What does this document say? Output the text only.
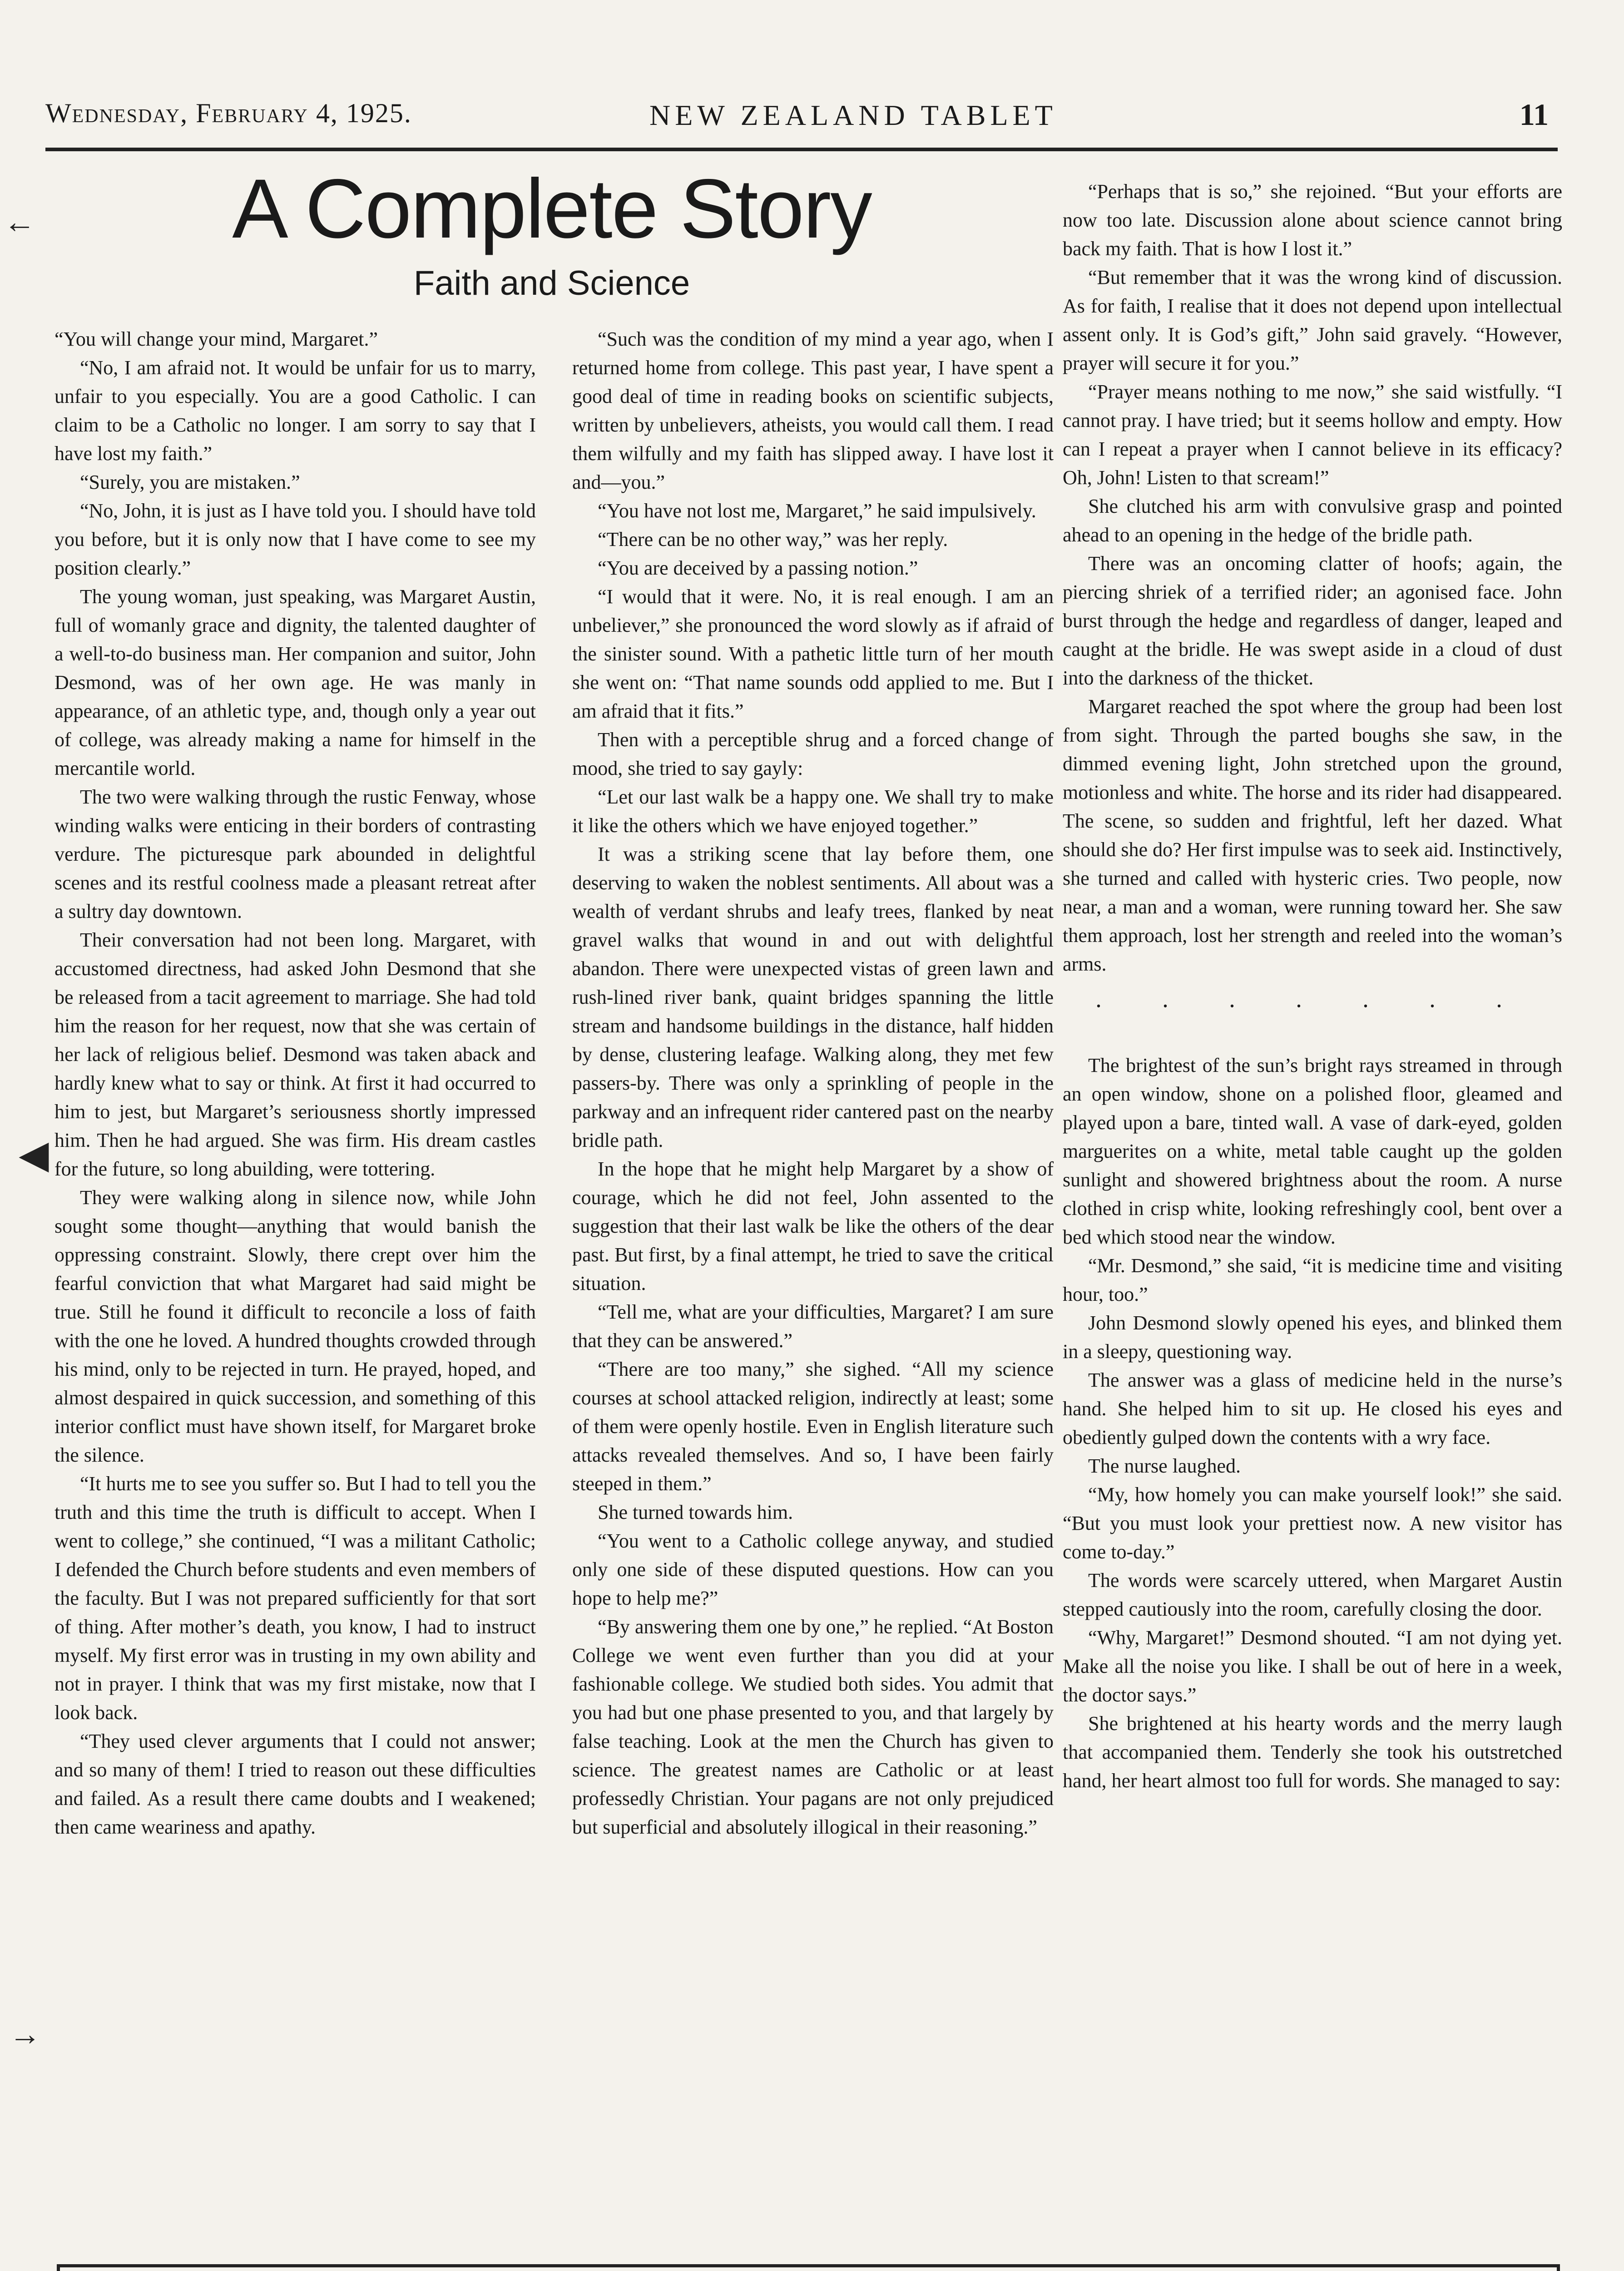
Wednesday, February 4, 1925.	NEW ZEALAND TABLET	11
←
◄
→
A Complete Story
Faith and Science

“You will change your mind, Margaret.”

“No, I am afraid not. It would be unfair for us to marry, unfair to you especially. You are a good Catholic. I can claim to be a Catholic no longer. I am sorry to say that I have lost my faith.”

“Surely, you are mistaken.”

“No, John, it is just as I have told you. I should have told you before, but it is only now that I have come to see my position clearly.”

The young woman, just speaking, was Margaret Austin, full of womanly grace and dignity, the talented daughter of a well-to-do business man. Her companion and suitor, John Desmond, was of her own age. He was manly in appearance, of an athletic type, and, though only a year out of college, was already making a name for himself in the mercantile world.

The two were walking through the rustic Fenway, whose winding walks were enticing in their borders of contrasting verdure. The picturesque park abounded in delightful scenes and its restful coolness made a pleasant retreat after a sultry day downtown.

Their conversation had not been long. Margaret, with accustomed directness, had asked John Desmond that she be released from a tacit agreement to marriage. She had told him the reason for her request, now that she was certain of her lack of religious belief. Desmond was taken aback and hardly knew what to say or think. At first it had occurred to him to jest, but Margaret’s seriousness shortly impressed him. Then he had argued. She was firm. His dream castles for the future, so long abuilding, were tottering.

They were walking along in silence now, while John sought some thought—anything that would banish the oppressing constraint. Slowly, there crept over him the fearful conviction that what Margaret had said might be true. Still he found it difficult to reconcile a loss of faith with the one he loved. A hundred thoughts crowded through his mind, only to be rejected in turn. He prayed, hoped, and almost despaired in quick succession, and something of this interior conflict must have shown itself, for Margaret broke the silence.

“It hurts me to see you suffer so. But I had to tell you the truth and this time the truth is difficult to accept. When I went to college,” she continued, “I was a militant Catholic; I defended the Church before students and even members of the faculty. But I was not prepared sufficiently for that sort of thing. After mother’s death, you know, I had to instruct myself. My first error was in trusting in my own ability and not in prayer. I think that was my first mistake, now that I look back.

“They used clever arguments that I could not answer; and so many of them! I tried to reason out these difficulties and failed. As a result there came doubts and I weakened; then came weariness and apathy.

“Such was the condition of my mind a year ago, when I returned home from college. This past year, I have spent a good deal of time in reading books on scientific subjects, written by unbelievers, atheists, you would call them. I read them wilfully and my faith has slipped away. I have lost it and—you.”

“You have not lost me, Margaret,” he said impulsively.

“There can be no other way,” was her reply.

“You are deceived by a passing notion.”

“I would that it were. No, it is real enough. I am an unbeliever,” she pronounced the word slowly as if afraid of the sinister sound. With a pathetic little turn of her mouth she went on: “That name sounds odd applied to me. But I am afraid that it fits.”

Then with a perceptible shrug and a forced change of mood, she tried to say gayly:

“Let our last walk be a happy one. We shall try to make it like the others which we have enjoyed together.”

It was a striking scene that lay before them, one deserving to waken the noblest sentiments. All about was a wealth of verdant shrubs and leafy trees, flanked by neat gravel walks that wound in and out with delightful abandon. There were unexpected vistas of green lawn and rush-lined river bank, quaint bridges spanning the little stream and handsome buildings in the distance, half hidden by dense, clustering leafage. Walking along, they met few passers-by. There was only a sprinkling of people in the parkway and an infrequent rider cantered past on the nearby bridle path.

In the hope that he might help Margaret by a show of courage, which he did not feel, John assented to the suggestion that their last walk be like the others of the dear past. But first, by a final attempt, he tried to save the critical situation.

“Tell me, what are your difficulties, Margaret? I am sure that they can be answered.”

“There are too many,” she sighed. “All my science courses at school attacked religion, indirectly at least; some of them were openly hostile. Even in English literature such attacks revealed themselves. And so, I have been fairly steeped in them.”

She turned towards him.

“You went to a Catholic college anyway, and studied only one side of these disputed questions. How can you hope to help me?”

“By answering them one by one,” he replied. “At Boston College we went even further than you did at your fashionable college. We studied both sides. You admit that you had but one phase presented to you, and that largely by false teaching. Look at the men the Church has given to science. The greatest names are Catholic or at least professedly Christian. Your pagans are not only prejudiced but superficial and absolutely illogical in their reasoning.”

“Perhaps that is so,” she rejoined. “But your efforts are now too late. Discussion alone about science cannot bring back my faith. That is how I lost it.”

“But remember that it was the wrong kind of discussion. As for faith, I realise that it does not depend upon intellectual assent only. It is God’s gift,” John said gravely. “However, prayer will secure it for you.”

“Prayer means nothing to me now,” she said wistfully. “I cannot pray. I have tried; but it seems hollow and empty. How can I repeat a prayer when I cannot believe in its efficacy? Oh, John! Listen to that scream!”

She clutched his arm with convulsive grasp and pointed ahead to an opening in the hedge of the bridle path.

There was an oncoming clatter of hoofs; again, the piercing shriek of a terrified rider; an agonised face. John burst through the hedge and regardless of danger, leaped and caught at the bridle. He was swept aside in a cloud of dust into the darkness of the thicket.

Margaret reached the spot where the group had been lost from sight. Through the parted boughs she saw, in the dimmed evening light, John stretched upon the ground, motionless and white. The horse and its rider had disappeared. The scene, so sudden and frightful, left her dazed. What should she do? Her first impulse was to seek aid. Instinctively, she turned and called with hysteric cries. Two people, now near, a man and a woman, were running toward her. She saw them approach, lost her strength and reeled into the woman’s arms.

. . . . . . .

The brightest of the sun’s bright rays streamed in through an open window, shone on a polished floor, gleamed and played upon a bare, tinted wall. A vase of dark-eyed, golden marguerites on a white, metal table caught up the golden sunlight and showered brightness about the room. A nurse clothed in crisp white, looking refreshingly cool, bent over a bed which stood near the window.

“Mr. Desmond,” she said, “it is medicine time and visiting hour, too.”

John Desmond slowly opened his eyes, and blinked them in a sleepy, questioning way.

The answer was a glass of medicine held in the nurse’s hand. She helped him to sit up. He closed his eyes and obediently gulped down the contents with a wry face.

The nurse laughed.

“My, how homely you can make yourself look!” she said. “But you must look your prettiest now. A new visitor has come to-day.”

The words were scarcely uttered, when Margaret Austin stepped cautiously into the room, carefully closing the door.

“Why, Margaret!” Desmond shouted. “I am not dying yet. Make all the noise you like. I shall be out of here in a week, the doctor says.”

She brightened at his hearty words and the merry laugh that accompanied them. Tenderly she took his outstretched hand, her heart almost too full for words. She managed to say:
